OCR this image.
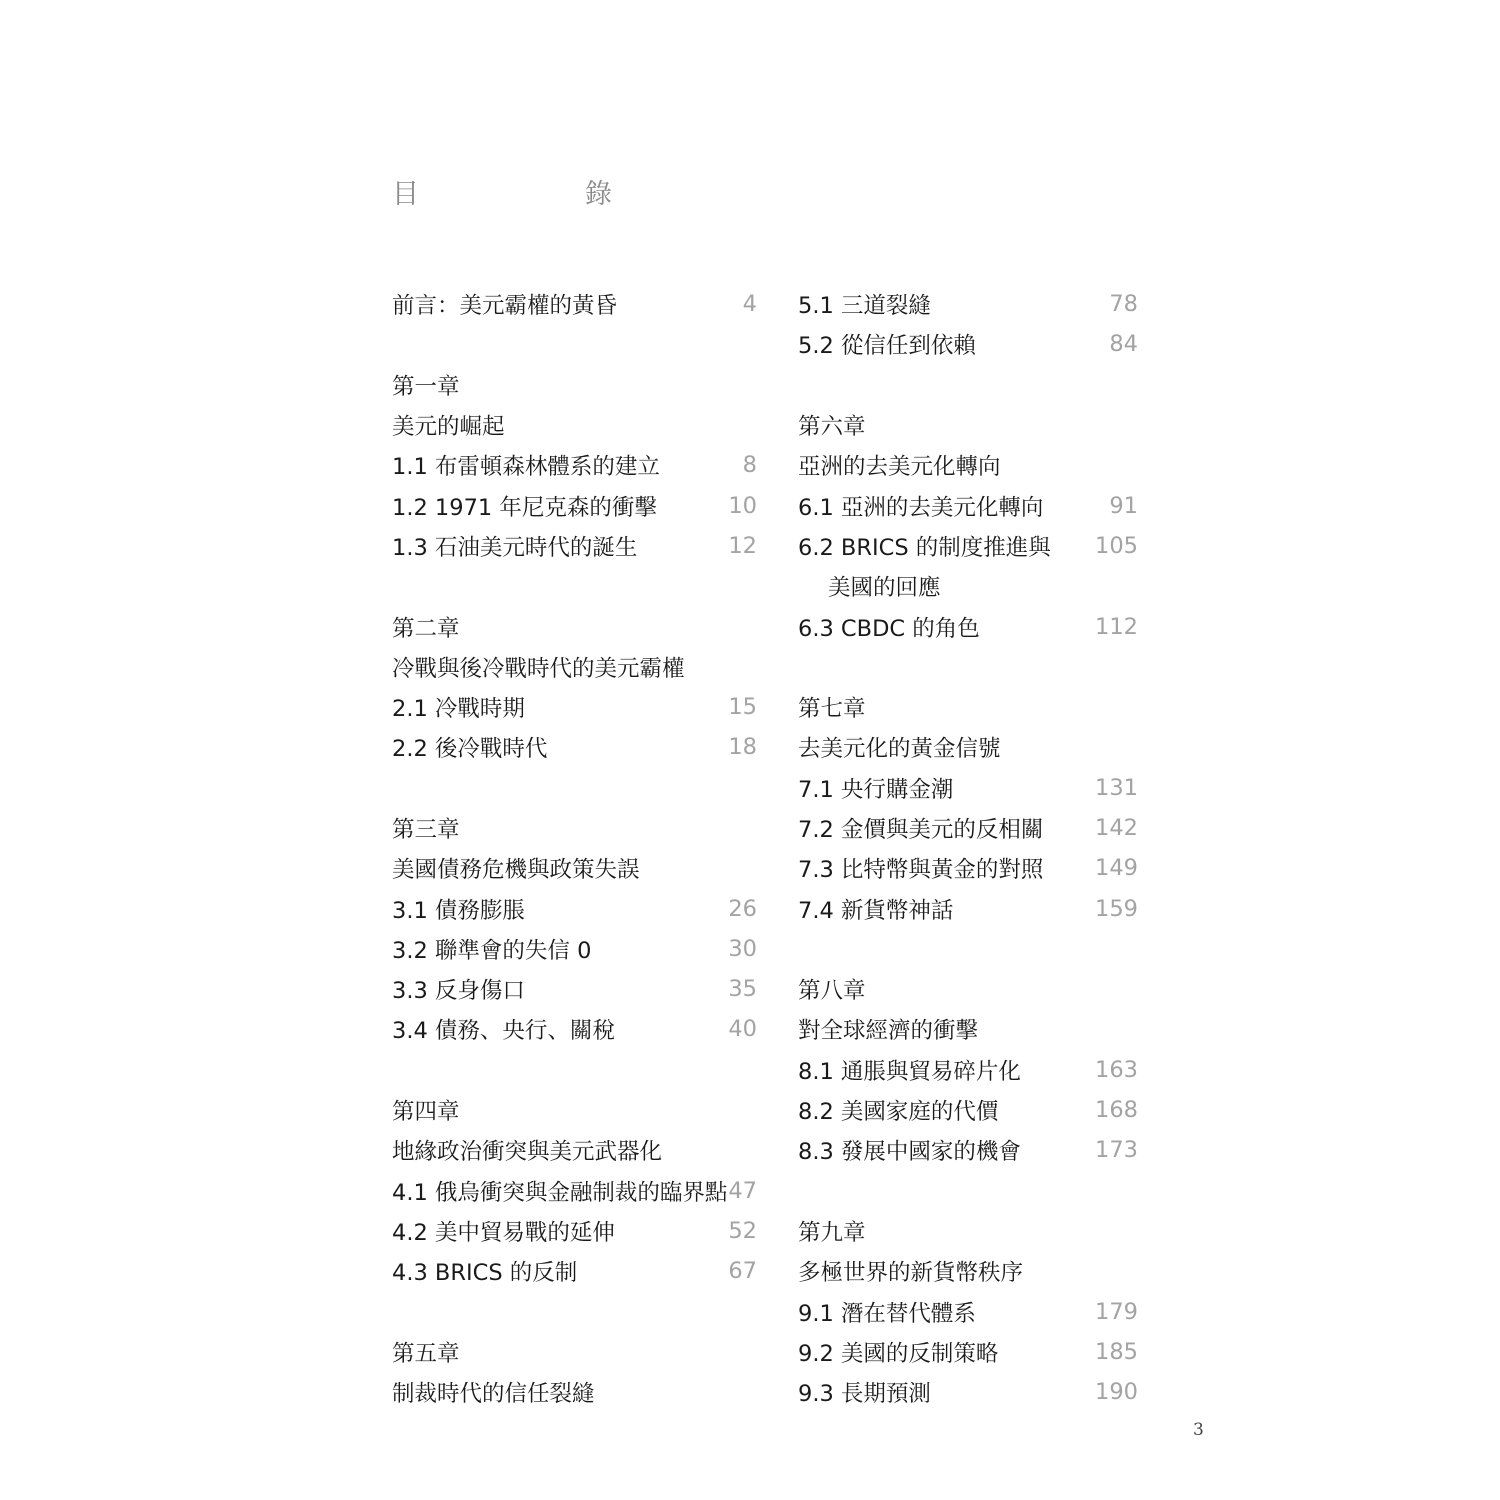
目	錄
前言：美元霸權的黃昏	4
第一章
美元的崛起
1.1 布雷頓森林體系的建立	8
1.2 1971 年尼克森的衝擊	10
1.3 石油美元時代的誕生	12
第二章
冷戰與後冷戰時代的美元霸權
2.1 冷戰時期	15
2.2 後冷戰時代	18
第三章
美國債務危機與政策失誤
3.1 債務膨脹	26
3.2 聯準會的失信 0	30
3.3 反身傷口	35
3.4 債務、央行、關稅	40
第四章
地緣政治衝突與美元武器化
4.1 俄烏衝突與金融制裁的臨界點 47
4.2 美中貿易戰的延伸	52
4.3 BRICS 的反制	67
第五章
制裁時代的信任裂縫
5.1 三道裂縫	78
5.2 從信任到依賴	84
第六章
亞洲的去美元化轉向
6.1 亞洲的去美元化轉向	91
6.2 BRICS 的制度推進與	105
美國的回應
6.3 CBDC 的角色	112
第七章
去美元化的黃金信號
7.1 央行購金潮	131
7.2 金價與美元的反相關	142
7.3 比特幣與黃金的對照	149
7.4 新貨幣神話	159
第八章
對全球經濟的衝擊
8.1 通脹與貿易碎片化	163
8.2 美國家庭的代價	168
8.3 發展中國家的機會	173
第九章
多極世界的新貨幣秩序
9.1 潛在替代體系	179
9.2 美國的反制策略	185
9.3 長期預測	190
3
